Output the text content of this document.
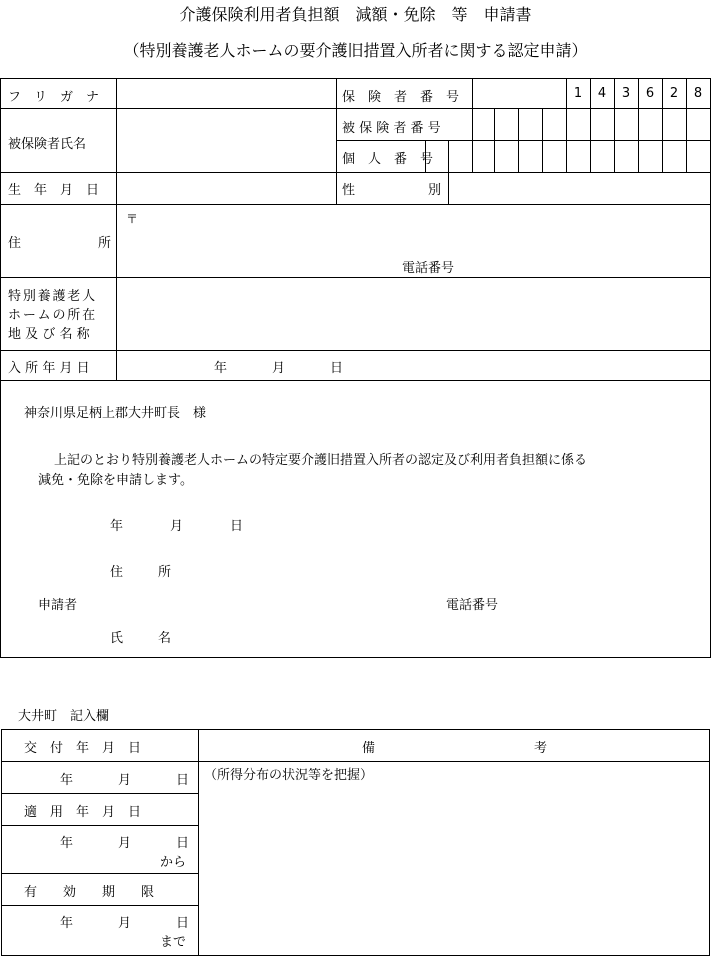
介護保険利用者負担額　減額・免除　等　申請書
（特別養護老人ホームの要介護旧措置入所者に関する認定申請）
フ　リ　ガ　ナ	保　険　者　番　号	1	4	3	6	2	8
被保険者氏名
被 保 険 者 番 号
個　人　番　号
生　年　月　日	性	別
住	所
〒
電話番号
特別養護老人
ホームの所在
地及び名称
入所年月日	年	月	日
神奈川県足柄上郡大井町長　様
上記のとおり特別養護老人ホームの特定要介護旧措置入所者の認定及び利用者負担額に係る
減免・免除を申請します。
年	月	日
住	所
申請者	電話番号
氏	名
大井町　記入欄
交　付　年　月　日	備	考
年	月	日 （所得分布の状況等を把握）
適　用　年　月　日
年	月	日
から
有　　効　　期　　限
年	月	日
まで
